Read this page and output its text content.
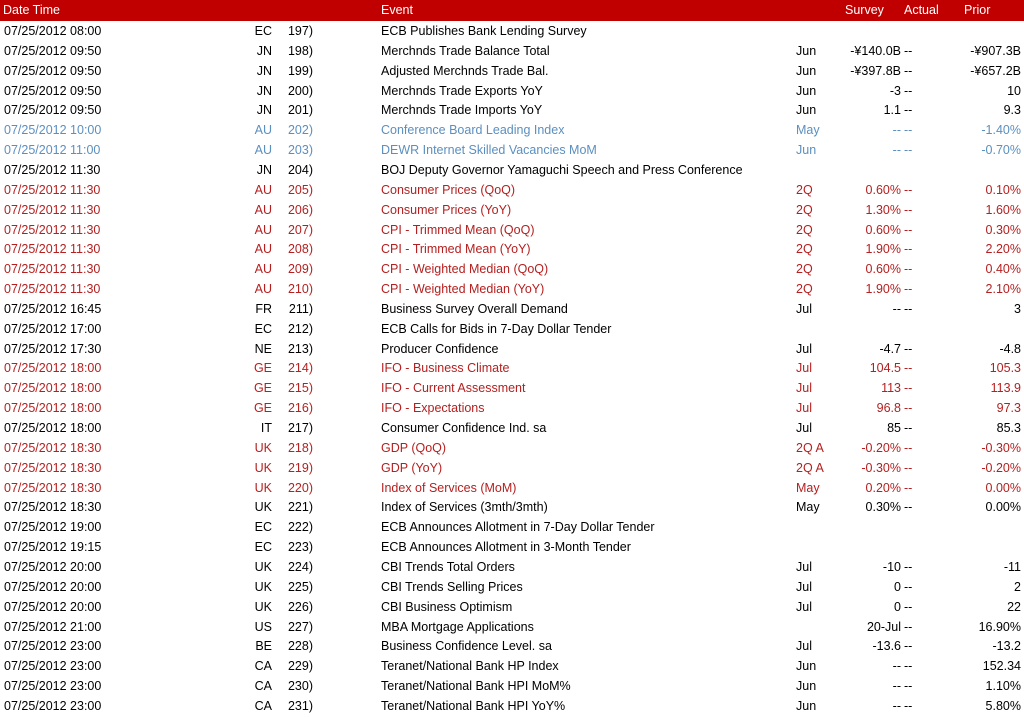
Date Time	Event	Survey Actual Prior
07/25/2012 08:00	EC 197)	ECB Publishes Bank Lending Survey
07/25/2012 09:50	JN 198)	Merchnds Trade Balance Total	Jun	-¥140.0B --	-¥907.3B
07/25/2012 09:50	JN 199)	Adjusted Merchnds Trade Bal.	Jun	-¥397.8B --	-¥657.2B
07/25/2012 09:50	JN 200)	Merchnds Trade Exports YoY	Jun	-3 --	10
07/25/2012 09:50	JN 201)	Merchnds Trade Imports YoY	Jun	1.1 --	9.3
07/25/2012 10:00	AU 202)	Conference Board Leading Index	May	-- --	-1.40%
07/25/2012 11:00	AU 203)	DEWR Internet Skilled Vacancies MoM	Jun	-- --	-0.70%
07/25/2012 11:30	JN 204)	BOJ Deputy Governor Yamaguchi Speech and Press Conference
07/25/2012 11:30	AU 205)	Consumer Prices (QoQ)	2Q	0.60% --	0.10%
07/25/2012 11:30	AU 206)	Consumer Prices (YoY)	2Q	1.30% --	1.60%
07/25/2012 11:30	AU 207)	CPI - Trimmed Mean (QoQ)	2Q	0.60% --	0.30%
07/25/2012 11:30	AU 208)	CPI - Trimmed Mean (YoY)	2Q	1.90% --	2.20%
07/25/2012 11:30	AU 209)	CPI - Weighted Median (QoQ)	2Q	0.60% --	0.40%
07/25/2012 11:30	AU 210)	CPI - Weighted Median (YoY)	2Q	1.90% --	2.10%
07/25/2012 16:45	FR 211)	Business Survey Overall Demand	Jul	-- --	3
07/25/2012 17:00	EC 212)	ECB Calls for Bids in 7-Day Dollar Tender
07/25/2012 17:30	NE 213)	Producer Confidence	Jul	-4.7 --	-4.8
07/25/2012 18:00	GE 214)	IFO - Business Climate	Jul	104.5 --	105.3
07/25/2012 18:00	GE 215)	IFO - Current Assessment	Jul	113 --	113.9
07/25/2012 18:00	GE 216)	IFO - Expectations	Jul	96.8 --	97.3
07/25/2012 18:00	IT 217)	Consumer Confidence Ind. sa	Jul	85 --	85.3
07/25/2012 18:30	UK 218)	GDP (QoQ)	2Q A	-0.20% --	-0.30%
07/25/2012 18:30	UK 219)	GDP (YoY)	2Q A	-0.30% --	-0.20%
07/25/2012 18:30	UK 220)	Index of Services (MoM)	May	0.20% --	0.00%
07/25/2012 18:30	UK 221)	Index of Services (3mth/3mth)	May	0.30% --	0.00%
07/25/2012 19:00	EC 222)	ECB Announces Allotment in 7-Day Dollar Tender
07/25/2012 19:15	EC 223)	ECB Announces Allotment in 3-Month Tender
07/25/2012 20:00	UK 224)	CBI Trends Total Orders	Jul	-10 --	-11
07/25/2012 20:00	UK 225)	CBI Trends Selling Prices	Jul	0 --	2
07/25/2012 20:00	UK 226)	CBI Business Optimism	Jul	0 --	22
07/25/2012 21:00	US 227)	MBA Mortgage Applications	20-Jul --	16.90%
07/25/2012 23:00	BE 228)	Business Confidence Level. sa	Jul	-13.6 --	-13.2
07/25/2012 23:00	CA 229)	Teranet/National Bank HP Index	Jun	-- --	152.34
07/25/2012 23:00	CA 230)	Teranet/National Bank HPI MoM%	Jun	-- --	1.10%
07/25/2012 23:00	CA 231)	Teranet/National Bank HPI YoY%	Jun	-- --	5.80%
